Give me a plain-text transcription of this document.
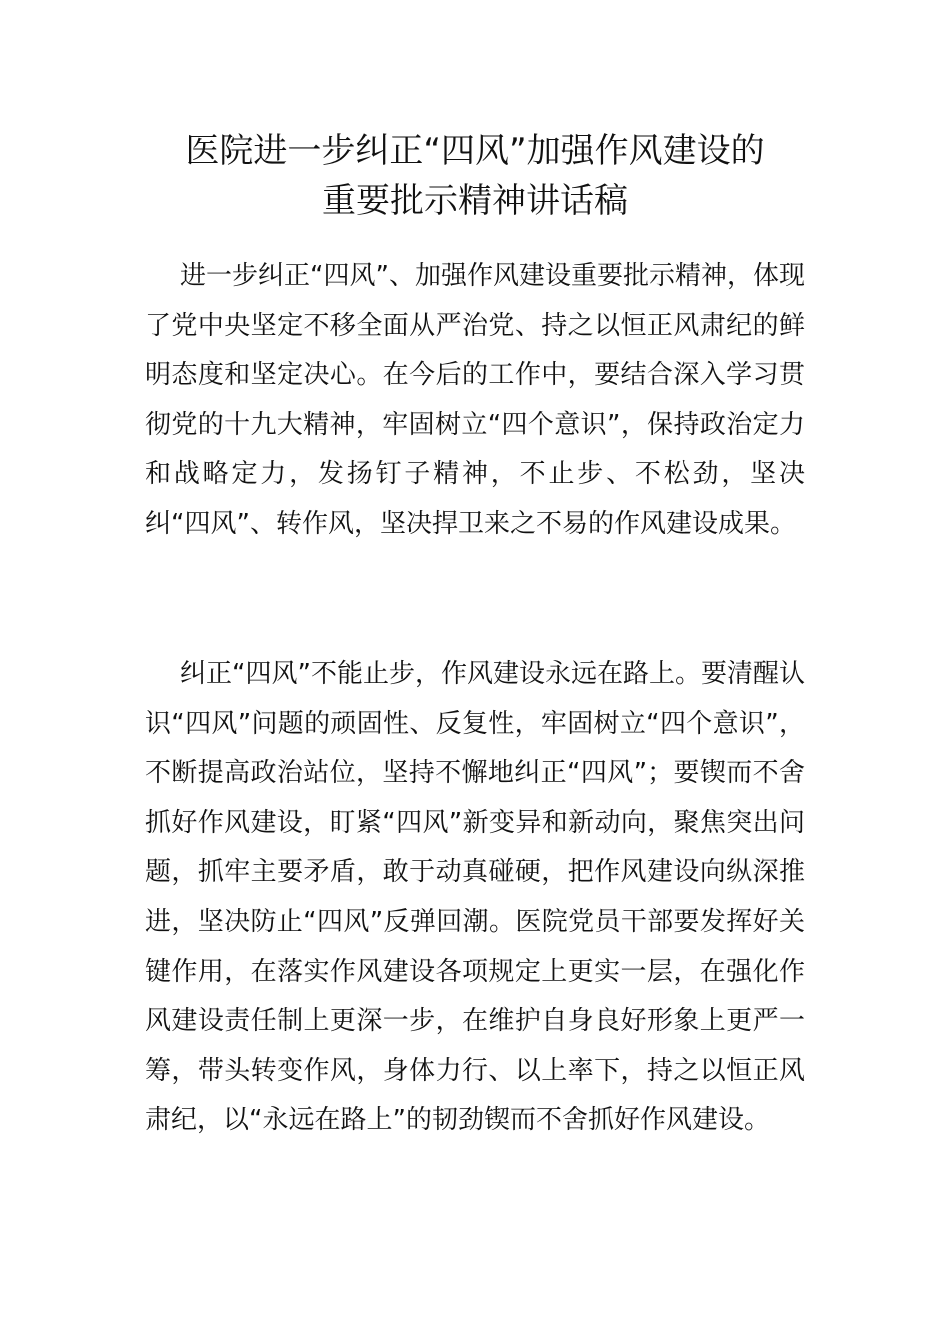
医院进一步纠正“四风”加强作风建设的
重要批示精神讲话稿

进一步纠正“四风”、加强作风建设重要批示精神，体现了党中央坚定不移全面从严治党、持之以恒正风肃纪的鲜明态度和坚定决心。在今后的工作中，要结合深入学习贯彻党的十九大精神，牢固树立“四个意识”，保持政治定力和战略定力，发扬钉子精神，不止步、不松劲，坚决纠“四风”、转作风，坚决捍卫来之不易的作风建设成果。

纠正“四风”不能止步，作风建设永远在路上。要清醒认识“四风”问题的顽固性、反复性，牢固树立“四个意识”，不断提高政治站位，坚持不懈地纠正“四风”；要锲而不舍抓好作风建设，盯紧“四风”新变异和新动向，聚焦突出问题，抓牢主要矛盾，敢于动真碰硬，把作风建设向纵深推进，坚决防止“四风”反弹回潮。医院党员干部要发挥好关键作用，在落实作风建设各项规定上更实一层，在强化作风建设责任制上更深一步，在维护自身良好形象上更严一筹，带头转变作风，身体力行、以上率下，持之以恒正风肃纪，以“永远在路上”的韧劲锲而不舍抓好作风建设。
